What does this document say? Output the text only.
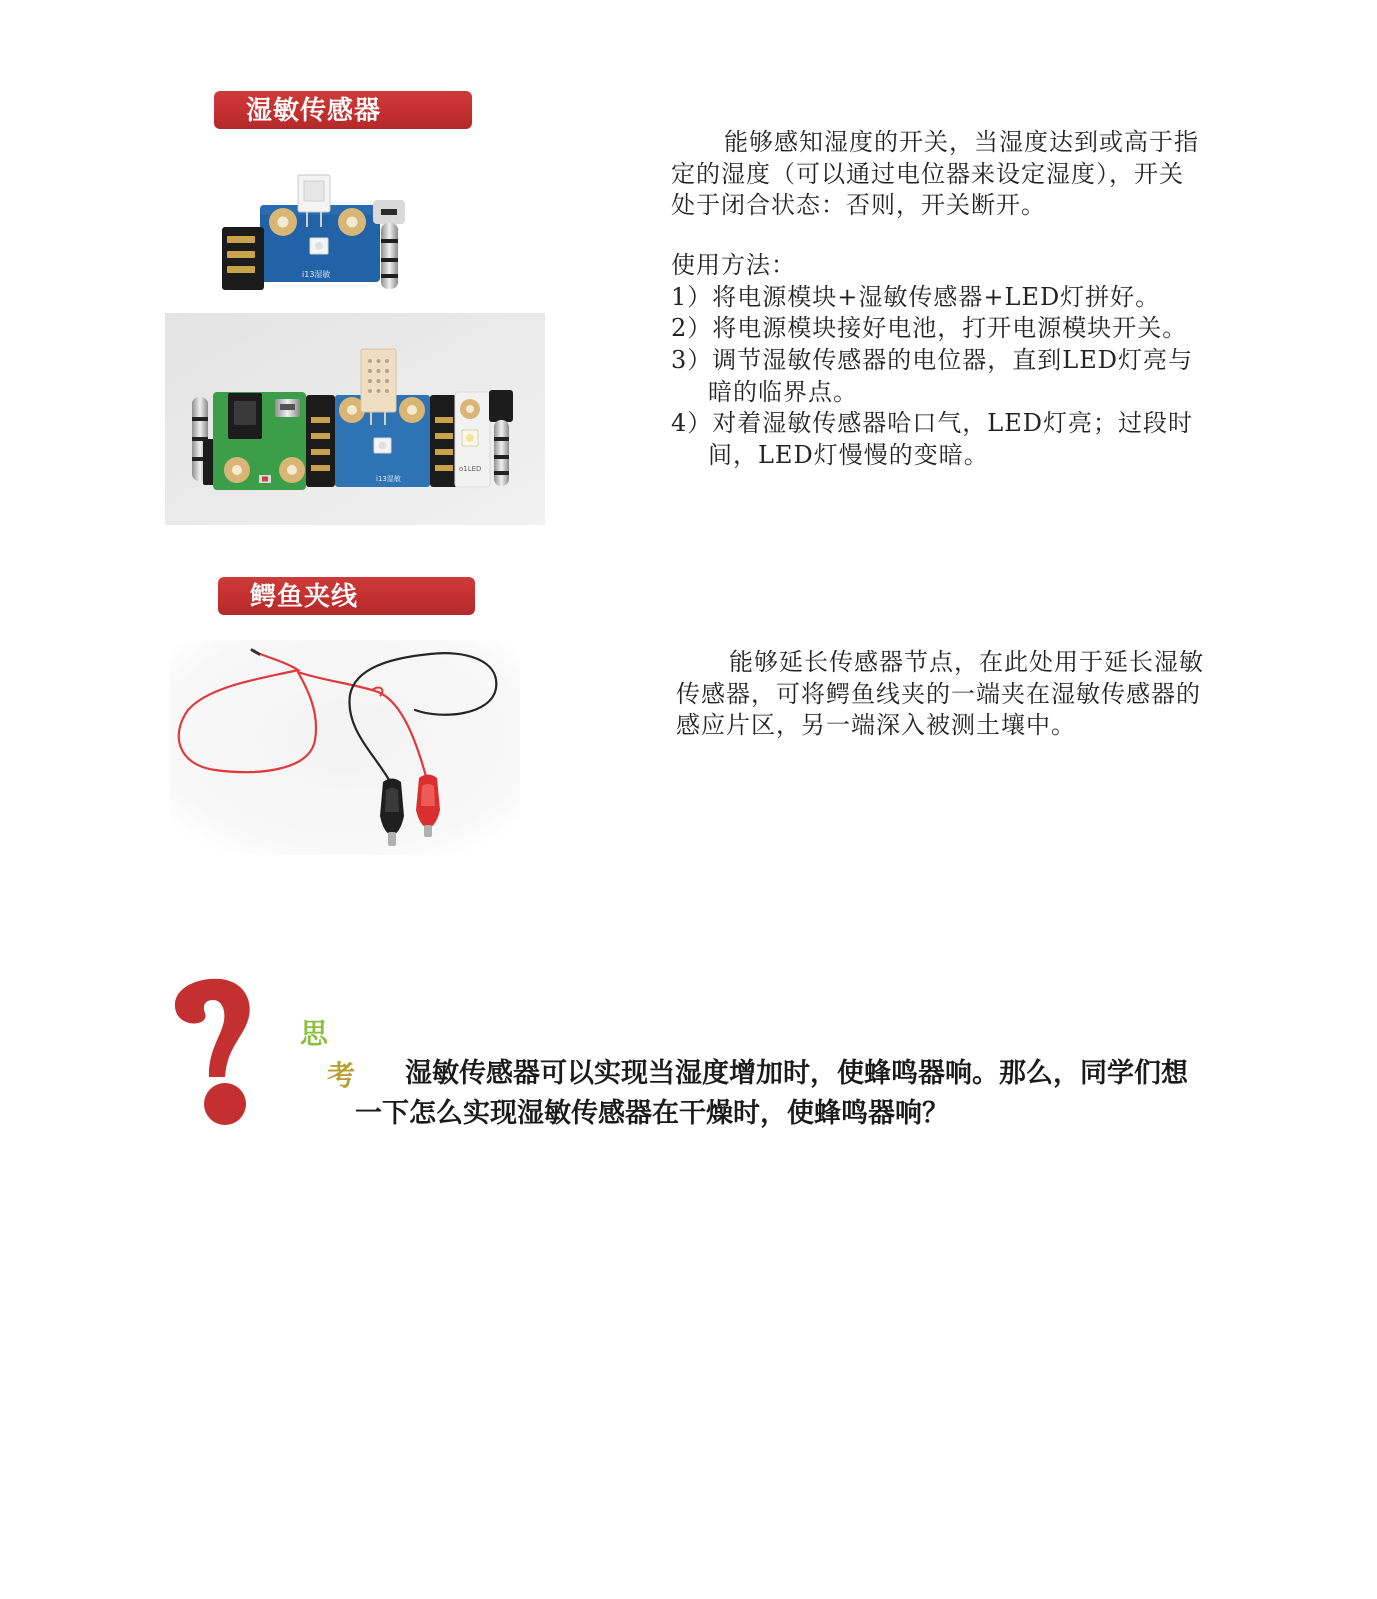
湿敏传感器
i13湿敏
i13湿敏
o1LED
能够感知湿度的开关，当湿度达到或高于指
定的湿度（可以通过电位器来设定湿度），开关
处于闭合状态：否则，开关断开。
使用方法：
1）将电源模块+湿敏传感器+LED灯拼好。
2）将电源模块接好电池，打开电源模块开关。
3）调节湿敏传感器的电位器，直到LED灯亮与
暗的临界点。
4）对着湿敏传感器哈口气，LED灯亮；过段时
间，LED灯慢慢的变暗。
鳄鱼夹线
能够延长传感器节点，在此处用于延长湿敏
传感器，可将鳄鱼线夹的一端夹在湿敏传感器的
感应片区，另一端深入被测土壤中。
思
考 湿敏传感器可以实现当湿度增加时，使蜂鸣器响。那么，同学们想
一下怎么实现湿敏传感器在干燥时，使蜂鸣器响？
